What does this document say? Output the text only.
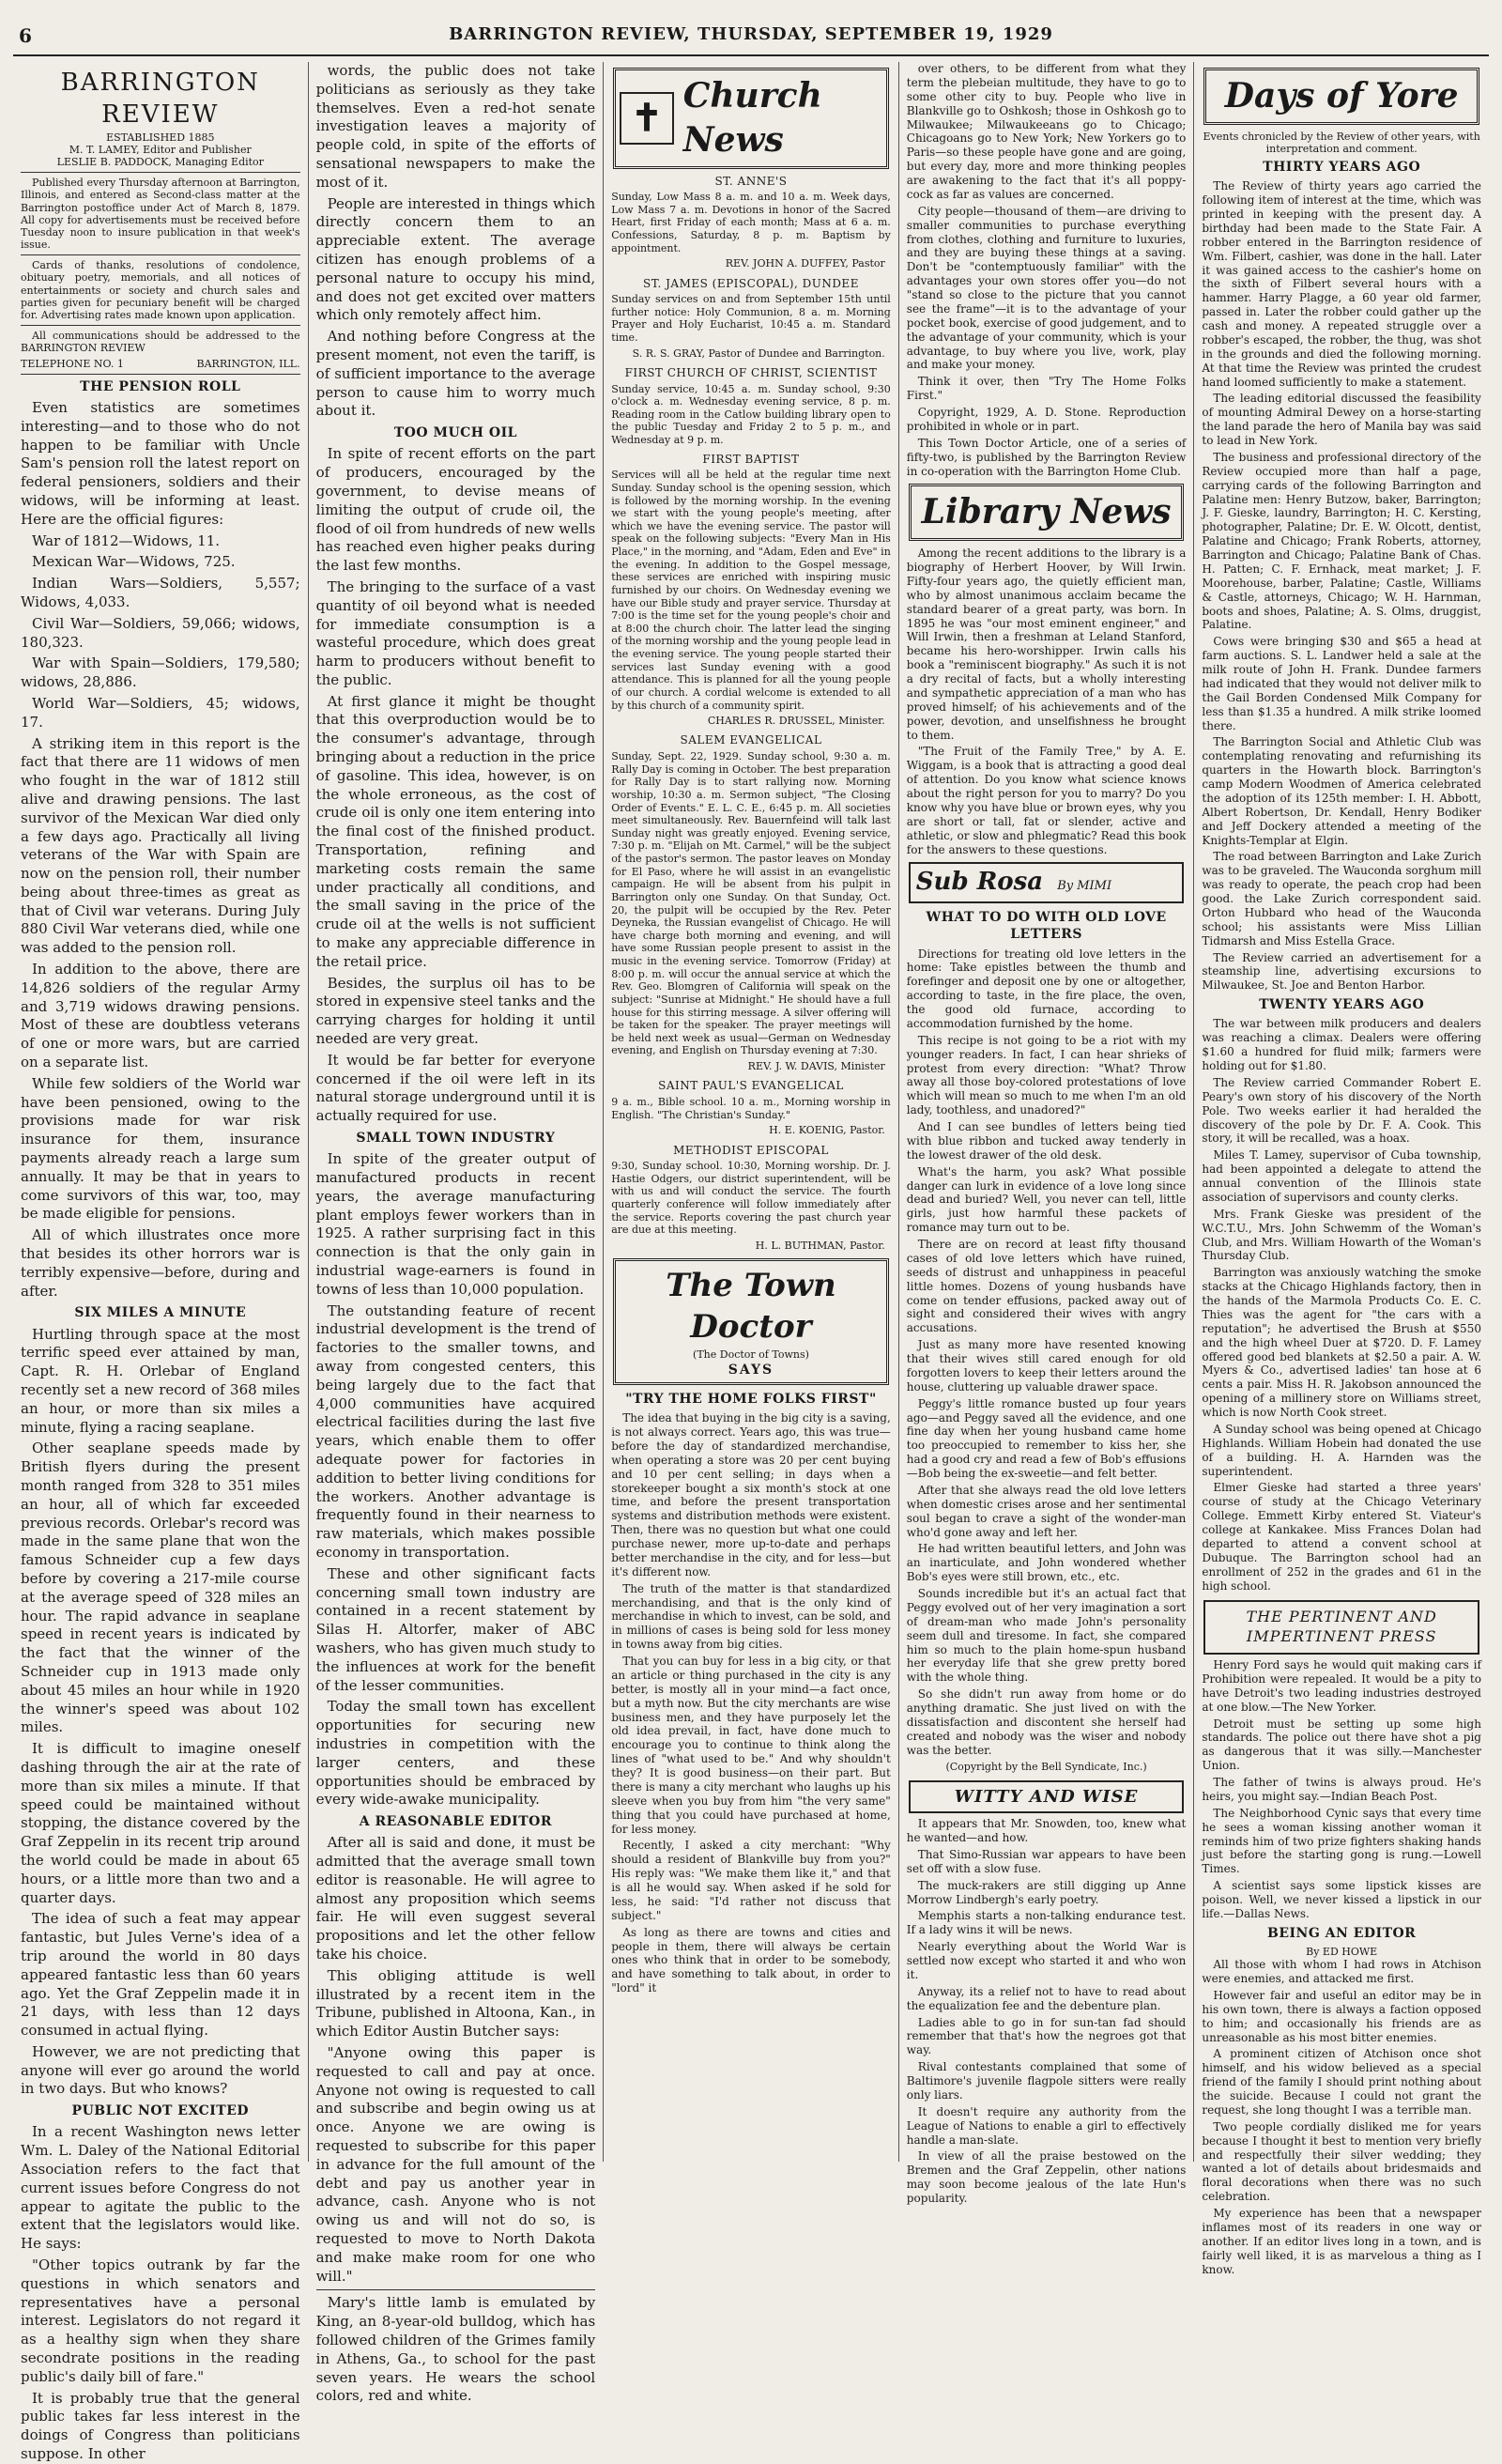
6	BARRINGTON REVIEW, THURSDAY, SEPTEMBER 19, 1929
BARRINGTON REVIEW
ESTABLISHED 1885
M. T. LAMEY, Editor and Publisher
LESLIE B. PADDOCK, Managing Editor

Published every Thursday afternoon at Barrington, Illinois, and entered as Second-class matter at the Barrington postoffice under Act of March 8, 1879. All copy for advertisements must be received before Tuesday noon to insure publication in that week's issue.

Cards of thanks, resolutions of condolence, obituary poetry, memorials, and all notices of entertainments or society and church sales and parties given for pecuniary benefit will be charged for. Advertising rates made known upon application.

All communications should be addressed to the BARRINGTON REVIEW

TELEPHONE NO. 1	BARRINGTON, ILL.
THE PENSION ROLL

Even statistics are sometimes interesting—and to those who do not happen to be familiar with Uncle Sam's pension roll the latest report on federal pensioners, soldiers and their widows, will be informing at least. Here are the official figures:

War of 1812—Widows, 11.

Mexican War—Widows, 725.

Indian Wars—Soldiers, 5,557; Widows, 4,033.

Civil War—Soldiers, 59,066; widows, 180,323.

War with Spain—Soldiers, 179,580; widows, 28,886.

World War—Soldiers, 45; widows, 17.

A striking item in this report is the fact that there are 11 widows of men who fought in the war of 1812 still alive and drawing pensions. The last survivor of the Mexican War died only a few days ago. Practically all living veterans of the War with Spain are now on the pension roll, their number being about three-times as great as that of Civil war veterans. During July 880 Civil War veterans died, while one was added to the pension roll.

In addition to the above, there are 14,826 soldiers of the regular Army and 3,719 widows drawing pensions. Most of these are doubtless veterans of one or more wars, but are carried on a separate list.

While few soldiers of the World war have been pensioned, owing to the provisions made for war risk insurance for them, insurance payments already reach a large sum annually. It may be that in years to come survivors of this war, too, may be made eligible for pensions.

All of which illustrates once more that besides its other horrors war is terribly expensive—before, during and after.

SIX MILES A MINUTE

Hurtling through space at the most terrific speed ever attained by man, Capt. R. H. Orlebar of England recently set a new record of 368 miles an hour, or more than six miles a minute, flying a racing seaplane.

Other seaplane speeds made by British flyers during the present month ranged from 328 to 351 miles an hour, all of which far exceeded previous records. Orlebar's record was made in the same plane that won the famous Schneider cup a few days before by covering a 217-mile course at the average speed of 328 miles an hour. The rapid advance in seaplane speed in recent years is indicated by the fact that the winner of the Schneider cup in 1913 made only about 45 miles an hour while in 1920 the winner's speed was about 102 miles.

It is difficult to imagine oneself dashing through the air at the rate of more than six miles a minute. If that speed could be maintained without stopping, the distance covered by the Graf Zeppelin in its recent trip around the world could be made in about 65 hours, or a little more than two and a quarter days.

The idea of such a feat may appear fantastic, but Jules Verne's idea of a trip around the world in 80 days appeared fantastic less than 60 years ago. Yet the Graf Zeppelin made it in 21 days, with less than 12 days consumed in actual flying.

However, we are not predicting that anyone will ever go around the world in two days. But who knows?

PUBLIC NOT EXCITED

In a recent Washington news letter Wm. L. Daley of the National Editorial Association refers to the fact that current issues before Congress do not appear to agitate the public to the extent that the legislators would like. He says:

"Other topics outrank by far the questions in which senators and representatives have a personal interest. Legislators do not regard it as a healthy sign when they share secondrate positions in the reading public's daily bill of fare."

It is probably true that the general public takes far less interest in the doings of Congress than politicians suppose. In other

words, the public does not take politicians as seriously as they take themselves. Even a red-hot senate investigation leaves a majority of people cold, in spite of the efforts of sensational newspapers to make the most of it.

People are interested in things which directly concern them to an appreciable extent. The average citizen has enough problems of a personal nature to occupy his mind, and does not get excited over matters which only remotely affect him.

And nothing before Congress at the present moment, not even the tariff, is of sufficient importance to the average person to cause him to worry much about it.

TOO MUCH OIL

In spite of recent efforts on the part of producers, encouraged by the government, to devise means of limiting the output of crude oil, the flood of oil from hundreds of new wells has reached even higher peaks during the last few months.

The bringing to the surface of a vast quantity of oil beyond what is needed for immediate consumption is a wasteful procedure, which does great harm to producers without benefit to the public.

At first glance it might be thought that this overproduction would be to the consumer's advantage, through bringing about a reduction in the price of gasoline. This idea, however, is on the whole erroneous, as the cost of crude oil is only one item entering into the final cost of the finished product. Transportation, refining and marketing costs remain the same under practically all conditions, and the small saving in the price of the crude oil at the wells is not sufficient to make any appreciable difference in the retail price.

Besides, the surplus oil has to be stored in expensive steel tanks and the carrying charges for holding it until needed are very great.

It would be far better for everyone concerned if the oil were left in its natural storage underground until it is actually required for use.

SMALL TOWN INDUSTRY

In spite of the greater output of manufactured products in recent years, the average manufacturing plant employs fewer workers than in 1925. A rather surprising fact in this connection is that the only gain in industrial wage-earners is found in towns of less than 10,000 population.

The outstanding feature of recent industrial development is the trend of factories to the smaller towns, and away from congested centers, this being largely due to the fact that 4,000 communities have acquired electrical facilities during the last five years, which enable them to offer adequate power for factories in addition to better living conditions for the workers. Another advantage is frequently found in their nearness to raw materials, which makes possible economy in transportation.

These and other significant facts concerning small town industry are contained in a recent statement by Silas H. Altorfer, maker of ABC washers, who has given much study to the influences at work for the benefit of the lesser communities.

Today the small town has excellent opportunities for securing new industries in competition with the larger centers, and these opportunities should be embraced by every wide-awake municipality.

A REASONABLE EDITOR

After all is said and done, it must be admitted that the average small town editor is reasonable. He will agree to almost any proposition which seems fair. He will even suggest several propositions and let the other fellow take his choice.

This obliging attitude is well illustrated by a recent item in the Tribune, published in Altoona, Kan., in which Editor Austin Butcher says:

"Anyone owing this paper is requested to call and pay at once. Anyone not owing is requested to call and subscribe and begin owing us at once. Anyone we are owing is requested to subscribe for this paper in advance for the full amount of the debt and pay us another year in advance, cash. Anyone who is not owing us and will not do so, is requested to move to North Dakota and make make room for one who will."

Mary's little lamb is emulated by King, an 8-year-old bulldog, which has followed children of the Grimes family in Athens, Ga., to school for the past seven years. He wears the school colors, red and white.

✝ Church News
ST. ANNE'S

Sunday, Low Mass 8 a. m. and 10 a. m. Week days, Low Mass 7 a. m. Devotions in honor of the Sacred Heart, first Friday of each month; Mass at 6 a. m. Confessions, Saturday, 8 p. m. Baptism by appointment.

REV. JOHN A. DUFFEY, Pastor
ST. JAMES (EPISCOPAL), DUNDEE

Sunday services on and from September 15th until further notice: Holy Communion, 8 a. m. Morning Prayer and Holy Eucharist, 10:45 a. m. Standard time.

S. R. S. GRAY, Pastor of Dundee and Barrington.
FIRST CHURCH OF CHRIST, SCIENTIST

Sunday service, 10:45 a. m. Sunday school, 9:30 o'clock a. m. Wednesday evening service, 8 p. m. Reading room in the Catlow building library open to the public Tuesday and Friday 2 to 5 p. m., and Wednesday at 9 p. m.

FIRST BAPTIST

Services will all be held at the regular time next Sunday. Sunday school is the opening session, which is followed by the morning worship. In the evening we start with the young people's meeting, after which we have the evening service. The pastor will speak on the following subjects: "Every Man in His Place," in the morning, and "Adam, Eden and Eve" in the evening. In addition to the Gospel message, these services are enriched with inspiring music furnished by our choirs. On Wednesday evening we have our Bible study and prayer service. Thursday at 7:00 is the time set for the young people's choir and at 8:00 the church choir. The latter lead the singing of the morning worship and the young people lead in the evening service. The young people started their services last Sunday evening with a good attendance. This is planned for all the young people of our church. A cordial welcome is extended to all by this church of a community spirit.

CHARLES R. DRUSSEL, Minister.
SALEM EVANGELICAL

Sunday, Sept. 22, 1929. Sunday school, 9:30 a. m. Rally Day is coming in October. The best preparation for Rally Day is to start rallying now. Morning worship, 10:30 a. m. Sermon subject, "The Closing Order of Events." E. L. C. E., 6:45 p. m. All societies meet simultaneously. Rev. Bauernfeind will talk last Sunday night was greatly enjoyed. Evening service, 7:30 p. m. "Elijah on Mt. Carmel," will be the subject of the pastor's sermon. The pastor leaves on Monday for El Paso, where he will assist in an evangelistic campaign. He will be absent from his pulpit in Barrington only one Sunday. On that Sunday, Oct. 20, the pulpit will be occupied by the Rev. Peter Deyneka, the Russian evangelist of Chicago. He will have charge both morning and evening, and will have some Russian people present to assist in the music in the evening service. Tomorrow (Friday) at 8:00 p. m. will occur the annual service at which the Rev. Geo. Blomgren of California will speak on the subject: "Sunrise at Midnight." He should have a full house for this stirring message. A silver offering will be taken for the speaker. The prayer meetings will be held next week as usual—German on Wednesday evening, and English on Thursday evening at 7:30.

REV. J. W. DAVIS, Minister
SAINT PAUL'S EVANGELICAL

9 a. m., Bible school. 10 a. m., Morning worship in English. "The Christian's Sunday."

H. E. KOENIG, Pastor.
METHODIST EPISCOPAL

9:30, Sunday school. 10:30, Morning worship. Dr. J. Hastie Odgers, our district superintendent, will be with us and will conduct the service. The fourth quarterly conference will follow immediately after the service. Reports covering the past church year are due at this meeting.

H. L. BUTHMAN, Pastor.
The Town Doctor
(The Doctor of Towns)
SAYS
"TRY THE HOME FOLKS FIRST"

The idea that buying in the big city is a saving, is not always correct. Years ago, this was true—before the day of standardized merchandise, when operating a store was 20 per cent buying and 10 per cent selling; in days when a storekeeper bought a six month's stock at one time, and before the present transportation systems and distribution methods were existent. Then, there was no question but what one could purchase newer, more up-to-date and perhaps better merchandise in the city, and for less—but it's different now.

The truth of the matter is that standardized merchandising, and that is the only kind of merchandise in which to invest, can be sold, and in millions of cases is being sold for less money in towns away from big cities.

That you can buy for less in a big city, or that an article or thing purchased in the city is any better, is mostly all in your mind—a fact once, but a myth now. But the city merchants are wise business men, and they have purposely let the old idea prevail, in fact, have done much to encourage you to continue to think along the lines of "what used to be." And why shouldn't they? It is good business—on their part. But there is many a city merchant who laughs up his sleeve when you buy from him "the very same" thing that you could have purchased at home, for less money.

Recently, I asked a city merchant: "Why should a resident of Blankville buy from you?" His reply was: "We make them like it," and that is all he would say. When asked if he sold for less, he said: "I'd rather not discuss that subject."

As long as there are towns and cities and people in them, there will always be certain ones who think that in order to be somebody, and have something to talk about, in order to "lord" it

over others, to be different from what they term the plebeian multitude, they have to go to some other city to buy. People who live in Blankville go to Oshkosh; those in Oshkosh go to Milwaukee; Milwaukeeans go to Chicago; Chicagoans go to New York; New Yorkers go to Paris—so these people have gone and are going, but every day, more and more thinking peoples are awakening to the fact that it's all poppy-cock as far as values are concerned.

City people—thousand of them—are driving to smaller communities to purchase everything from clothes, clothing and furniture to luxuries, and they are buying these things at a saving. Don't be "contemptuously familiar" with the advantages your own stores offer you—do not "stand so close to the picture that you cannot see the frame"—it is to the advantage of your pocket book, exercise of good judgement, and to the advantage of your community, which is your advantage, to buy where you live, work, play and make your money.

Think it over, then "Try The Home Folks First."

Copyright, 1929, A. D. Stone. Reproduction prohibited in whole or in part.

This Town Doctor Article, one of a series of fifty-two, is published by the Barrington Review in co-operation with the Barrington Home Club.

Library News

Among the recent additions to the library is a biography of Herbert Hoover, by Will Irwin. Fifty-four years ago, the quietly efficient man, who by almost unanimous acclaim became the standard bearer of a great party, was born. In 1895 he was "our most eminent engineer," and Will Irwin, then a freshman at Leland Stanford, became his hero-worshipper. Irwin calls his book a "reminiscent biography." As such it is not a dry recital of facts, but a wholly interesting and sympathetic appreciation of a man who has proved himself; of his achievements and of the power, devotion, and unselfishness he brought to them.

"The Fruit of the Family Tree," by A. E. Wiggam, is a book that is attracting a good deal of attention. Do you know what science knows about the right person for you to marry? Do you know why you have blue or brown eyes, why you are short or tall, fat or slender, active and athletic, or slow and phlegmatic? Read this book for the answers to these questions.

Sub Rosa By MIMI
WHAT TO DO WITH OLD LOVE LETTERS

Directions for treating old love letters in the home: Take epistles between the thumb and forefinger and deposit one by one or altogether, according to taste, in the fire place, the oven, the good old furnace, according to accommodation furnished by the home.

This recipe is not going to be a riot with my younger readers. In fact, I can hear shrieks of protest from every direction: "What? Throw away all those boy-colored protestations of love which will mean so much to me when I'm an old lady, toothless, and unadored?"

And I can see bundles of letters being tied with blue ribbon and tucked away tenderly in the lowest drawer of the old desk.

What's the harm, you ask? What possible danger can lurk in evidence of a love long since dead and buried? Well, you never can tell, little girls, just how harmful these packets of romance may turn out to be.

There are on record at least fifty thousand cases of old love letters which have ruined, seeds of distrust and unhappiness in peaceful little homes. Dozens of young husbands have come on tender effusions, packed away out of sight and considered their wives with angry accusations.

Just as many more have resented knowing that their wives still cared enough for old forgotten lovers to keep their letters around the house, cluttering up valuable drawer space.

Peggy's little romance busted up four years ago—and Peggy saved all the evidence, and one fine day when her young husband came home too preoccupied to remember to kiss her, she had a good cry and read a few of Bob's effusions—Bob being the ex-sweetie—and felt better.

After that she always read the old love letters when domestic crises arose and her sentimental soul began to crave a sight of the wonder-man who'd gone away and left her.

He had written beautiful letters, and John was an inarticulate, and John wondered whether Bob's eyes were still brown, etc., etc.

Sounds incredible but it's an actual fact that Peggy evolved out of her very imagination a sort of dream-man who made John's personality seem dull and tiresome. In fact, she compared him so much to the plain home-spun husband her everyday life that she grew pretty bored with the whole thing.

So she didn't run away from home or do anything dramatic. She just lived on with the dissatisfaction and discontent she herself had created and nobody was the wiser and nobody was the better.

(Copyright by the Bell Syndicate, Inc.)
WITTY AND WISE

It appears that Mr. Snowden, too, knew what he wanted—and how.

That Simo-Russian war appears to have been set off with a slow fuse.

The muck-rakers are still digging up Anne Morrow Lindbergh's early poetry.

Memphis starts a non-talking endurance test. If a lady wins it will be news.

Nearly everything about the World War is settled now except who started it and who won it.

Anyway, its a relief not to have to read about the equalization fee and the debenture plan.

Ladies able to go in for sun-tan fad should remember that that's how the negroes got that way.

Rival contestants complained that some of Baltimore's juvenile flagpole sitters were really only liars.

It doesn't require any authority from the League of Nations to enable a girl to effectively handle a man-slate.

In view of all the praise bestowed on the Bremen and the Graf Zeppelin, other nations may soon become jealous of the late Hun's popularity.

Days of Yore
Events chronicled by the Review of other years, with interpretation and comment.
THIRTY YEARS AGO

The Review of thirty years ago carried the following item of interest at the time, which was printed in keeping with the present day. A birthday had been made to the State Fair. A robber entered in the Barrington residence of Wm. Filbert, cashier, was done in the hall. Later it was gained access to the cashier's home on the sixth of Filbert several hours with a hammer. Harry Plagge, a 60 year old farmer, passed in. Later the robber could gather up the cash and money. A repeated struggle over a robber's escaped, the robber, the thug, was shot in the grounds and died the following morning. At that time the Review was printed the crudest hand loomed sufficiently to make a statement.

The leading editorial discussed the feasibility of mounting Admiral Dewey on a horse-starting the land parade the hero of Manila bay was said to lead in New York.

The business and professional directory of the Review occupied more than half a page, carrying cards of the following Barrington and Palatine men: Henry Butzow, baker, Barrington; J. F. Gieske, laundry, Barrington; H. C. Kersting, photographer, Palatine; Dr. E. W. Olcott, dentist, Palatine and Chicago; Frank Roberts, attorney, Barrington and Chicago; Palatine Bank of Chas. H. Patten; C. F. Ernhack, meat market; J. F. Moorehouse, barber, Palatine; Castle, Williams & Castle, attorneys, Chicago; W. H. Harnman, boots and shoes, Palatine; A. S. Olms, druggist, Palatine.

Cows were bringing $30 and $65 a head at farm auctions. S. L. Landwer held a sale at the milk route of John H. Frank. Dundee farmers had indicated that they would not deliver milk to the Gail Borden Condensed Milk Company for less than $1.35 a hundred. A milk strike loomed there.

The Barrington Social and Athletic Club was contemplating renovating and refurnishing its quarters in the Howarth block. Barrington's camp Modern Woodmen of America celebrated the adoption of its 125th member: I. H. Abbott, Albert Robertson, Dr. Kendall, Henry Bodiker and Jeff Dockery attended a meeting of the Knights-Templar at Elgin.

The road between Barrington and Lake Zurich was to be graveled. The Wauconda sorghum mill was ready to operate, the peach crop had been good. the Lake Zurich correspondent said. Orton Hubbard who head of the Wauconda school; his assistants were Miss Lillian Tidmarsh and Miss Estella Grace.

The Review carried an advertisement for a steamship line, advertising excursions to Milwaukee, St. Joe and Benton Harbor.

TWENTY YEARS AGO

The war between milk producers and dealers was reaching a climax. Dealers were offering $1.60 a hundred for fluid milk; farmers were holding out for $1.80.

The Review carried Commander Robert E. Peary's own story of his discovery of the North Pole. Two weeks earlier it had heralded the discovery of the pole by Dr. F. A. Cook. This story, it will be recalled, was a hoax.

Miles T. Lamey, supervisor of Cuba township, had been appointed a delegate to attend the annual convention of the Illinois state association of supervisors and county clerks.

Mrs. Frank Gieske was president of the W.C.T.U., Mrs. John Schwemm of the Woman's Club, and Mrs. William Howarth of the Woman's Thursday Club.

Barrington was anxiously watching the smoke stacks at the Chicago Highlands factory, then in the hands of the Marmola Products Co. E. C. Thies was the agent for "the cars with a reputation"; he advertised the Brush at $550 and the high wheel Duer at $720. D. F. Lamey offered good bed blankets at $2.50 a pair. A. W. Myers & Co., advertised ladies' tan hose at 6 cents a pair. Miss H. R. Jakobson announced the opening of a millinery store on Williams street, which is now North Cook street.

A Sunday school was being opened at Chicago Highlands. William Hobein had donated the use of a building. H. A. Harnden was the superintendent.

Elmer Gieske had started a three years' course of study at the Chicago Veterinary College. Emmett Kirby entered St. Viateur's college at Kankakee. Miss Frances Dolan had departed to attend a convent school at Dubuque. The Barrington school had an enrollment of 252 in the grades and 61 in the high school.

THE PERTINENT AND IMPERTINENT PRESS

Henry Ford says he would quit making cars if Prohibition were repealed. It would be a pity to have Detroit's two leading industries destroyed at one blow.—The New Yorker.

Detroit must be setting up some high standards. The police out there have shot a pig as dangerous that it was silly.—Manchester Union.

The father of twins is always proud. He's heirs, you might say.—Indian Beach Post.

The Neighborhood Cynic says that every time he sees a woman kissing another woman it reminds him of two prize fighters shaking hands just before the starting gong is rung.—Lowell Times.

A scientist says some lipstick kisses are poison. Well, we never kissed a lipstick in our life.—Dallas News.

BEING AN EDITOR
By ED HOWE

All those with whom I had rows in Atchison were enemies, and attacked me first.

However fair and useful an editor may be in his own town, there is always a faction opposed to him; and occasionally his friends are as unreasonable as his most bitter enemies.

A prominent citizen of Atchison once shot himself, and his widow believed as a special friend of the family I should print nothing about the suicide. Because I could not grant the request, she long thought I was a terrible man.

Two people cordially disliked me for years because I thought it best to mention very briefly and respectfully their silver wedding; they wanted a lot of details about bridesmaids and floral decorations when there was no such celebration.

My experience has been that a newspaper inflames most of its readers in one way or another. If an editor lives long in a town, and is fairly well liked, it is as marvelous a thing as I know.
